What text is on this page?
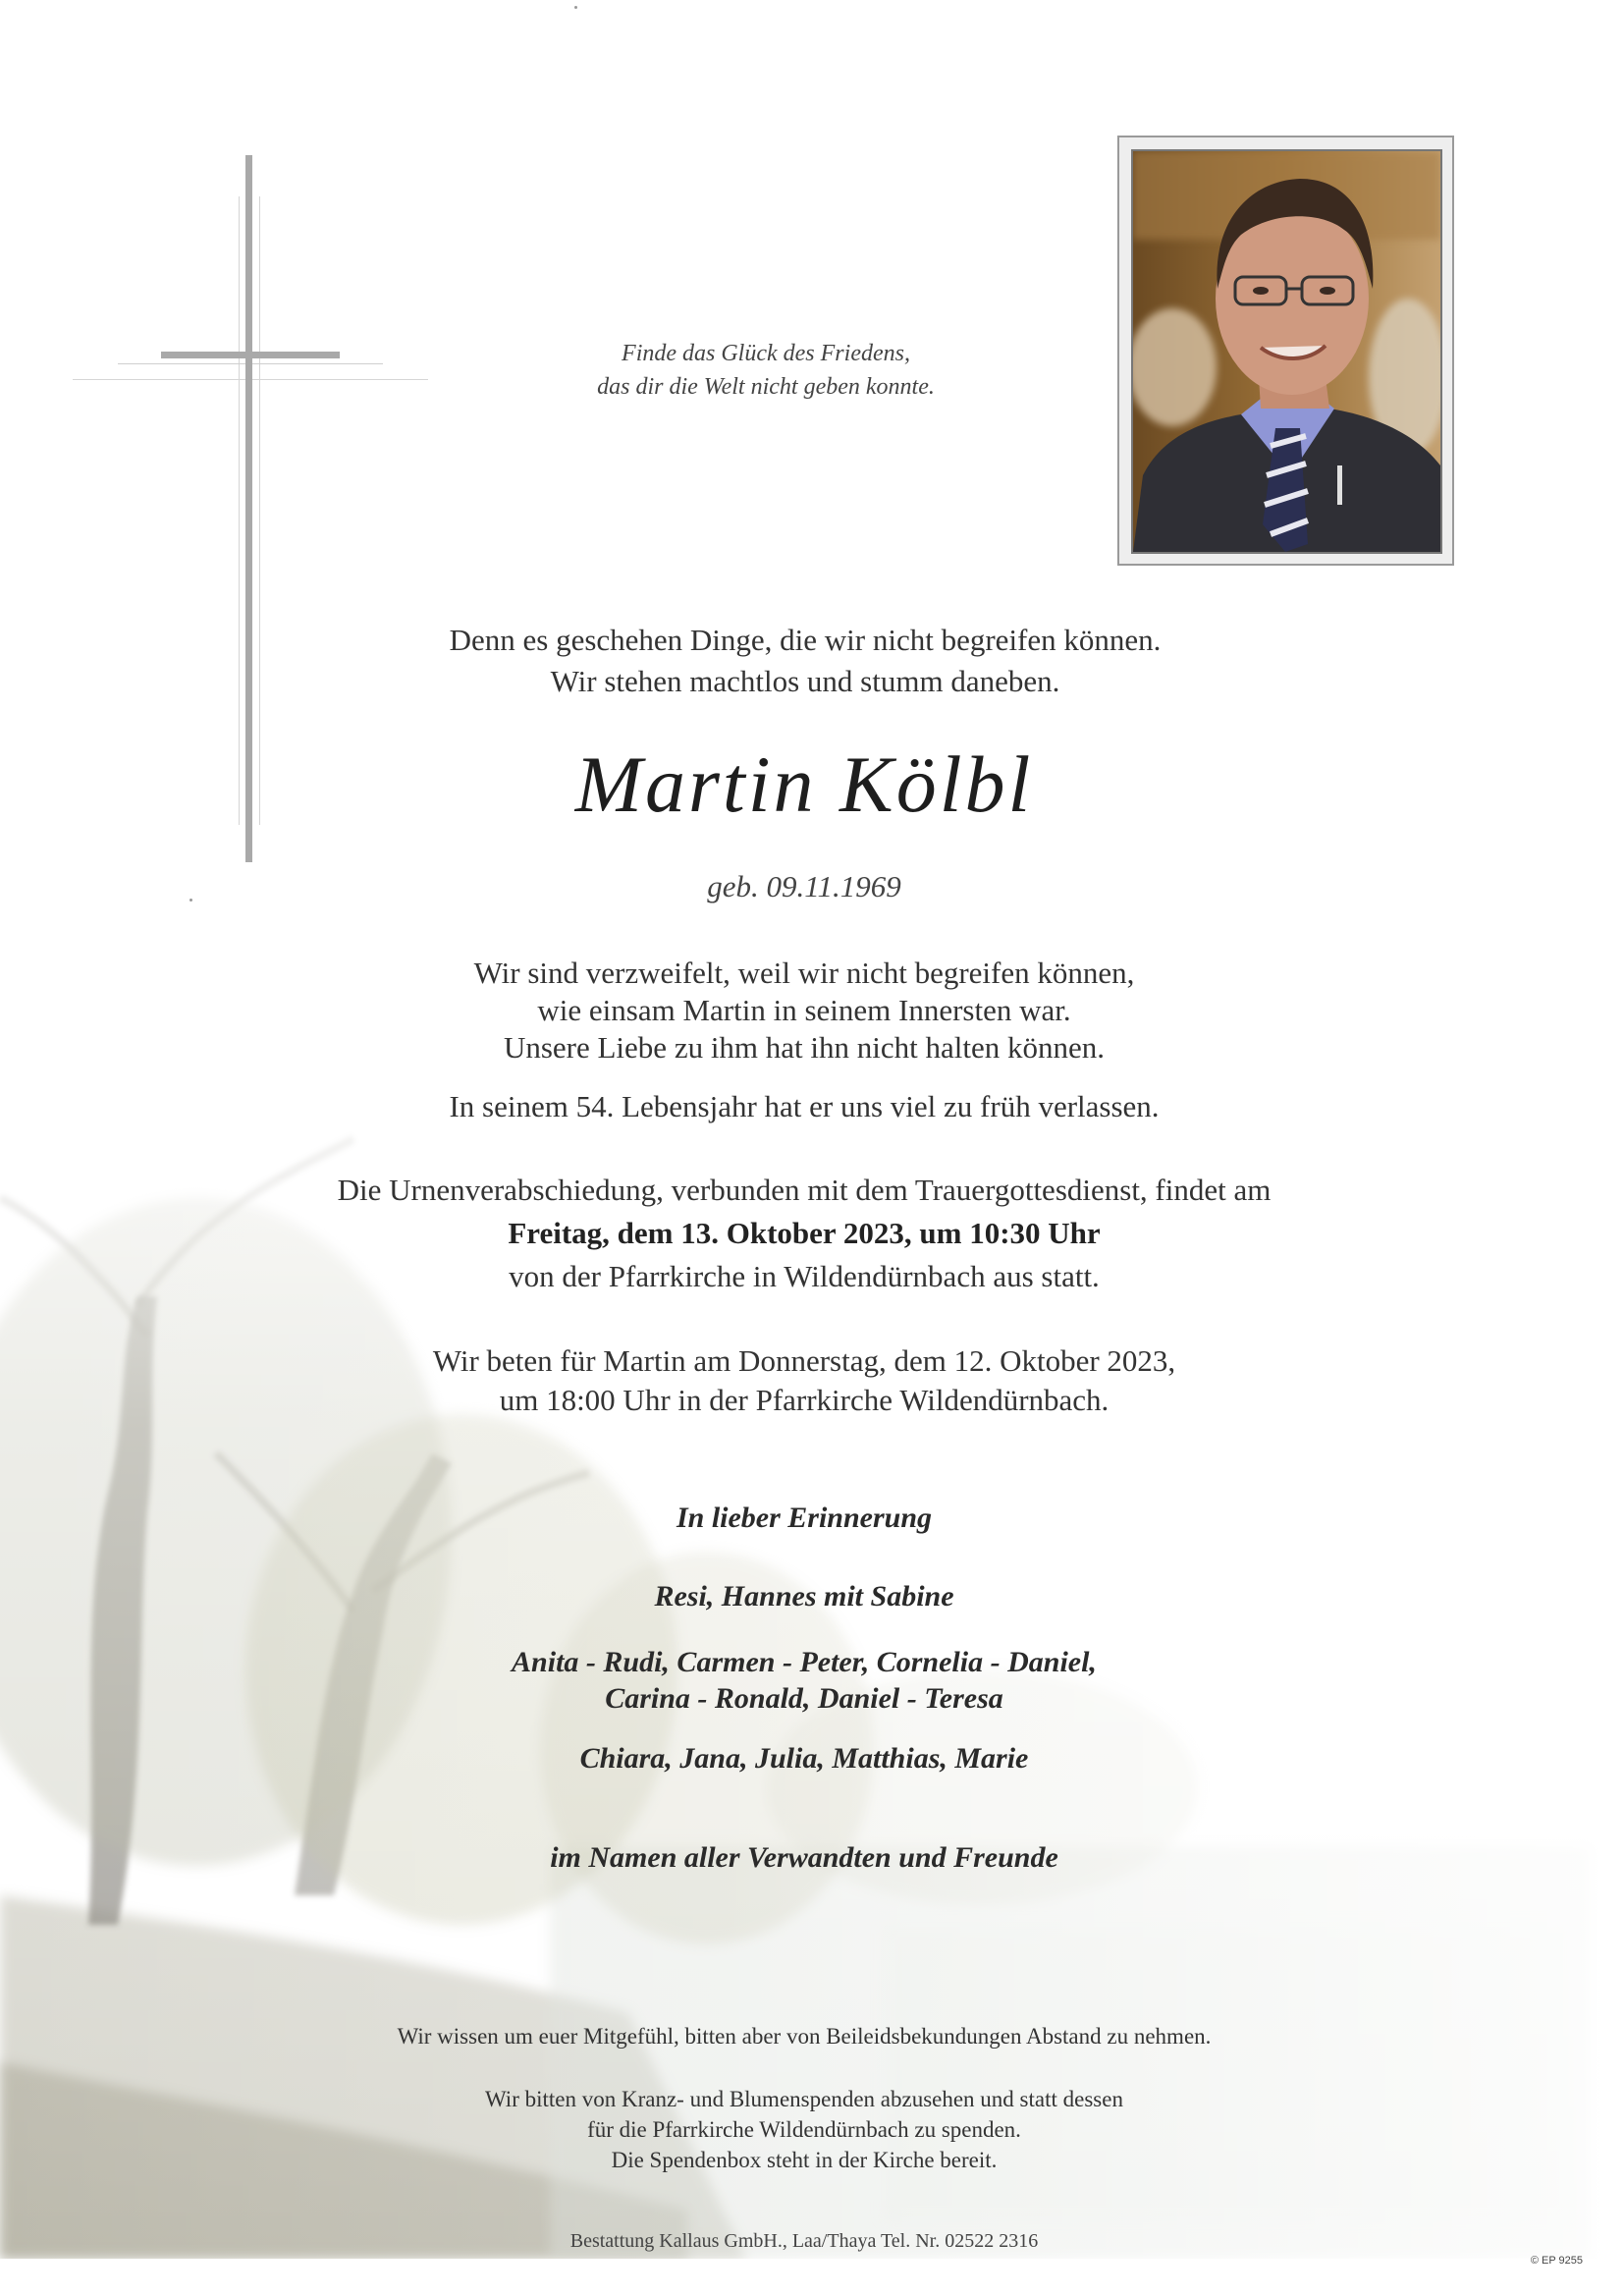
Finde das Glück des Friedens,
das dir die Welt nicht geben konnte.
Denn es geschehen Dinge, die wir nicht begreifen können.
Wir stehen machtlos und stumm daneben.
Martin Kölbl
geb. 09.11.1969
Wir sind verzweifelt, weil wir nicht begreifen können,
wie einsam Martin in seinem Innersten war.
Unsere Liebe zu ihm hat ihn nicht halten können.
In seinem 54. Lebensjahr hat er uns viel zu früh verlassen.
Die Urnenverabschiedung, verbunden mit dem Trauergottesdienst, findet am
Freitag, dem 13. Oktober 2023, um 10:30 Uhr
von der Pfarrkirche in Wildendürnbach aus statt.
Wir beten für Martin am Donnerstag, dem 12. Oktober 2023,
um 18:00 Uhr in der Pfarrkirche Wildendürnbach.
In lieber Erinnerung
Resi, Hannes mit Sabine
Anita - Rudi, Carmen - Peter, Cornelia - Daniel,
Carina - Ronald, Daniel - Teresa
Chiara, Jana, Julia, Matthias, Marie
im Namen aller Verwandten und Freunde
Wir wissen um euer Mitgefühl, bitten aber von Beileidsbekundungen Abstand zu nehmen.
Wir bitten von Kranz- und Blumenspenden abzusehen und statt dessen
für die Pfarrkirche Wildendürnbach zu spenden.
Die Spendenbox steht in der Kirche bereit.
Bestattung Kallaus GmbH., Laa/Thaya Tel. Nr. 02522 2316
© EP 9255
